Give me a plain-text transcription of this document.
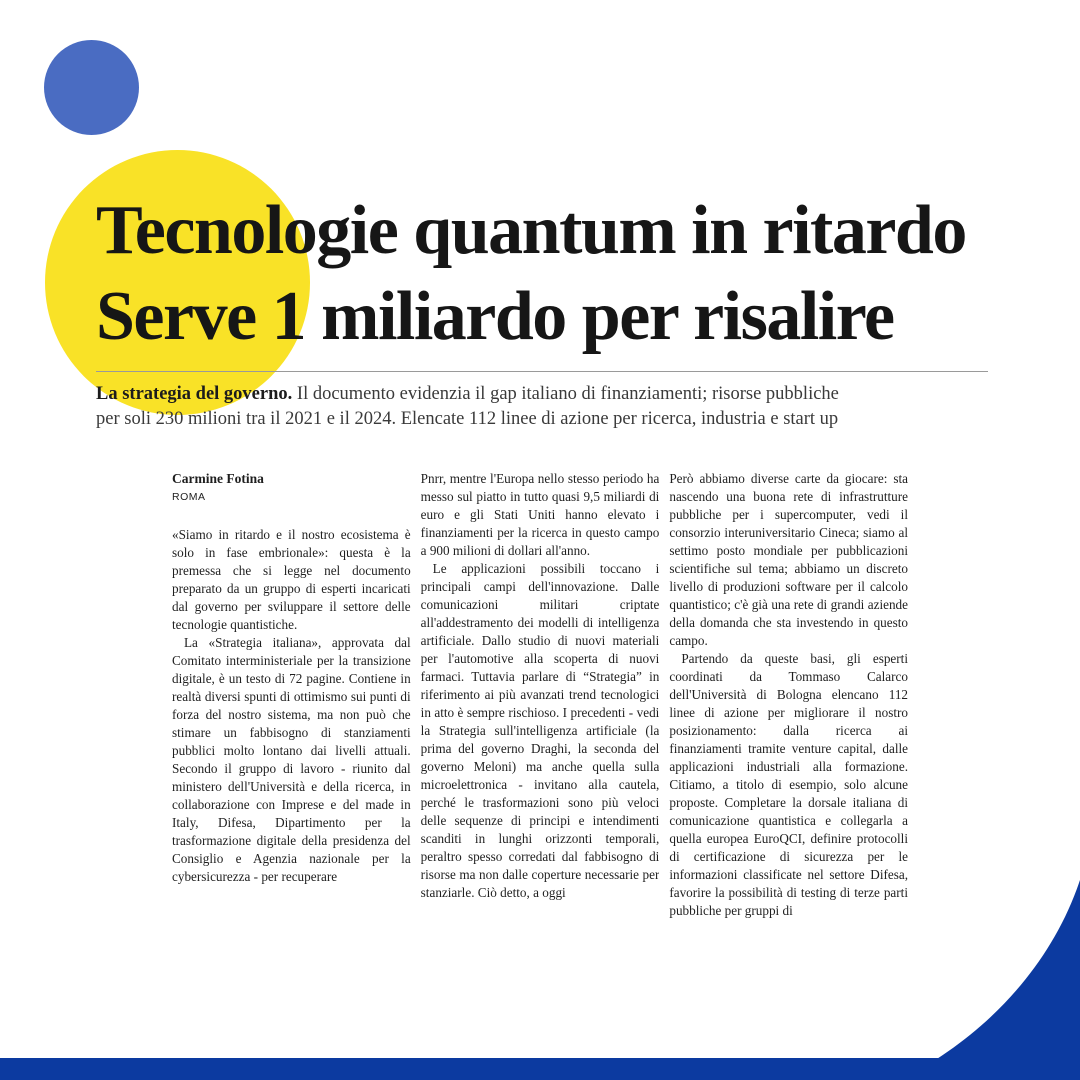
Tecnologie quantum in ritardo
Serve 1 miliardo per risalire

La strategia del governo. Il documento evidenzia il gap italiano di finanziamenti; risorse pubbliche
per soli 230 milioni tra il 2021 e il 2024. Elencate 112 linee di azione per ricerca, industria e start up

Carmine Fotina
ROMA

«Siamo in ritardo e il nostro ecosistema è solo in fase embrionale»: questa è la premessa che si legge nel documento preparato da un gruppo di esperti incaricati dal governo per sviluppare il settore delle tecnologie quantistiche.

La «Strategia italiana», approvata dal Comitato interministeriale per la transizione digitale, è un testo di 72 pagine. Contiene in realtà diversi spunti di ottimismo sui punti di forza del nostro sistema, ma non può che stimare un fabbisogno di stanziamenti pubblici molto lontano dai livelli attuali. Secondo il gruppo di lavoro - riunito dal ministero dell'Università e della ricerca, in collaborazione con Imprese e del made in Italy, Difesa, Dipartimento per la trasformazione digitale della presidenza del Consiglio e Agenzia nazionale per la cybersicurezza - per recuperare

Pnrr, mentre l'Europa nello stesso periodo ha messo sul piatto in tutto quasi 9,5 miliardi di euro e gli Stati Uniti hanno elevato i finanziamenti per la ricerca in questo campo a 900 milioni di dollari all'anno.

Le applicazioni possibili toccano i principali campi dell'innovazione. Dalle comunicazioni militari criptate all'addestramento dei modelli di intelligenza artificiale. Dallo studio di nuovi materiali per l'automotive alla scoperta di nuovi farmaci. Tuttavia parlare di “Strategia” in riferimento ai più avanzati trend tecnologici in atto è sempre rischioso. I precedenti - vedi la Strategia sull'intelligenza artificiale (la prima del governo Draghi, la seconda del governo Meloni) ma anche quella sulla microelettronica - invitano alla cautela, perché le trasformazioni sono più veloci delle sequenze di principi e intendimenti scanditi in lunghi orizzonti temporali, peraltro spesso corredati dal fabbisogno di risorse ma non dalle coperture necessarie per stanziarle. Ciò detto, a oggi

Però abbiamo diverse carte da giocare: sta nascendo una buona rete di infrastrutture pubbliche per i supercomputer, vedi il consorzio interuniversitario Cineca; siamo al settimo posto mondiale per pubblicazioni scientifiche sul tema; abbiamo un discreto livello di produzioni software per il calcolo quantistico; c'è già una rete di grandi aziende della domanda che sta investendo in questo campo.

Partendo da queste basi, gli esperti coordinati da Tommaso Calarco dell'Università di Bologna elencano 112 linee di azione per migliorare il nostro posizionamento: dalla ricerca ai finanziamenti tramite venture capital, dalle applicazioni industriali alla formazione. Citiamo, a titolo di esempio, solo alcune proposte. Completare la dorsale italiana di comunicazione quantistica e collegarla a quella europea EuroQCI, definire protocolli di certificazione di sicurezza per le informazioni classificate nel settore Difesa, favorire la possibilità di testing di terze parti pubbliche per gruppi di
